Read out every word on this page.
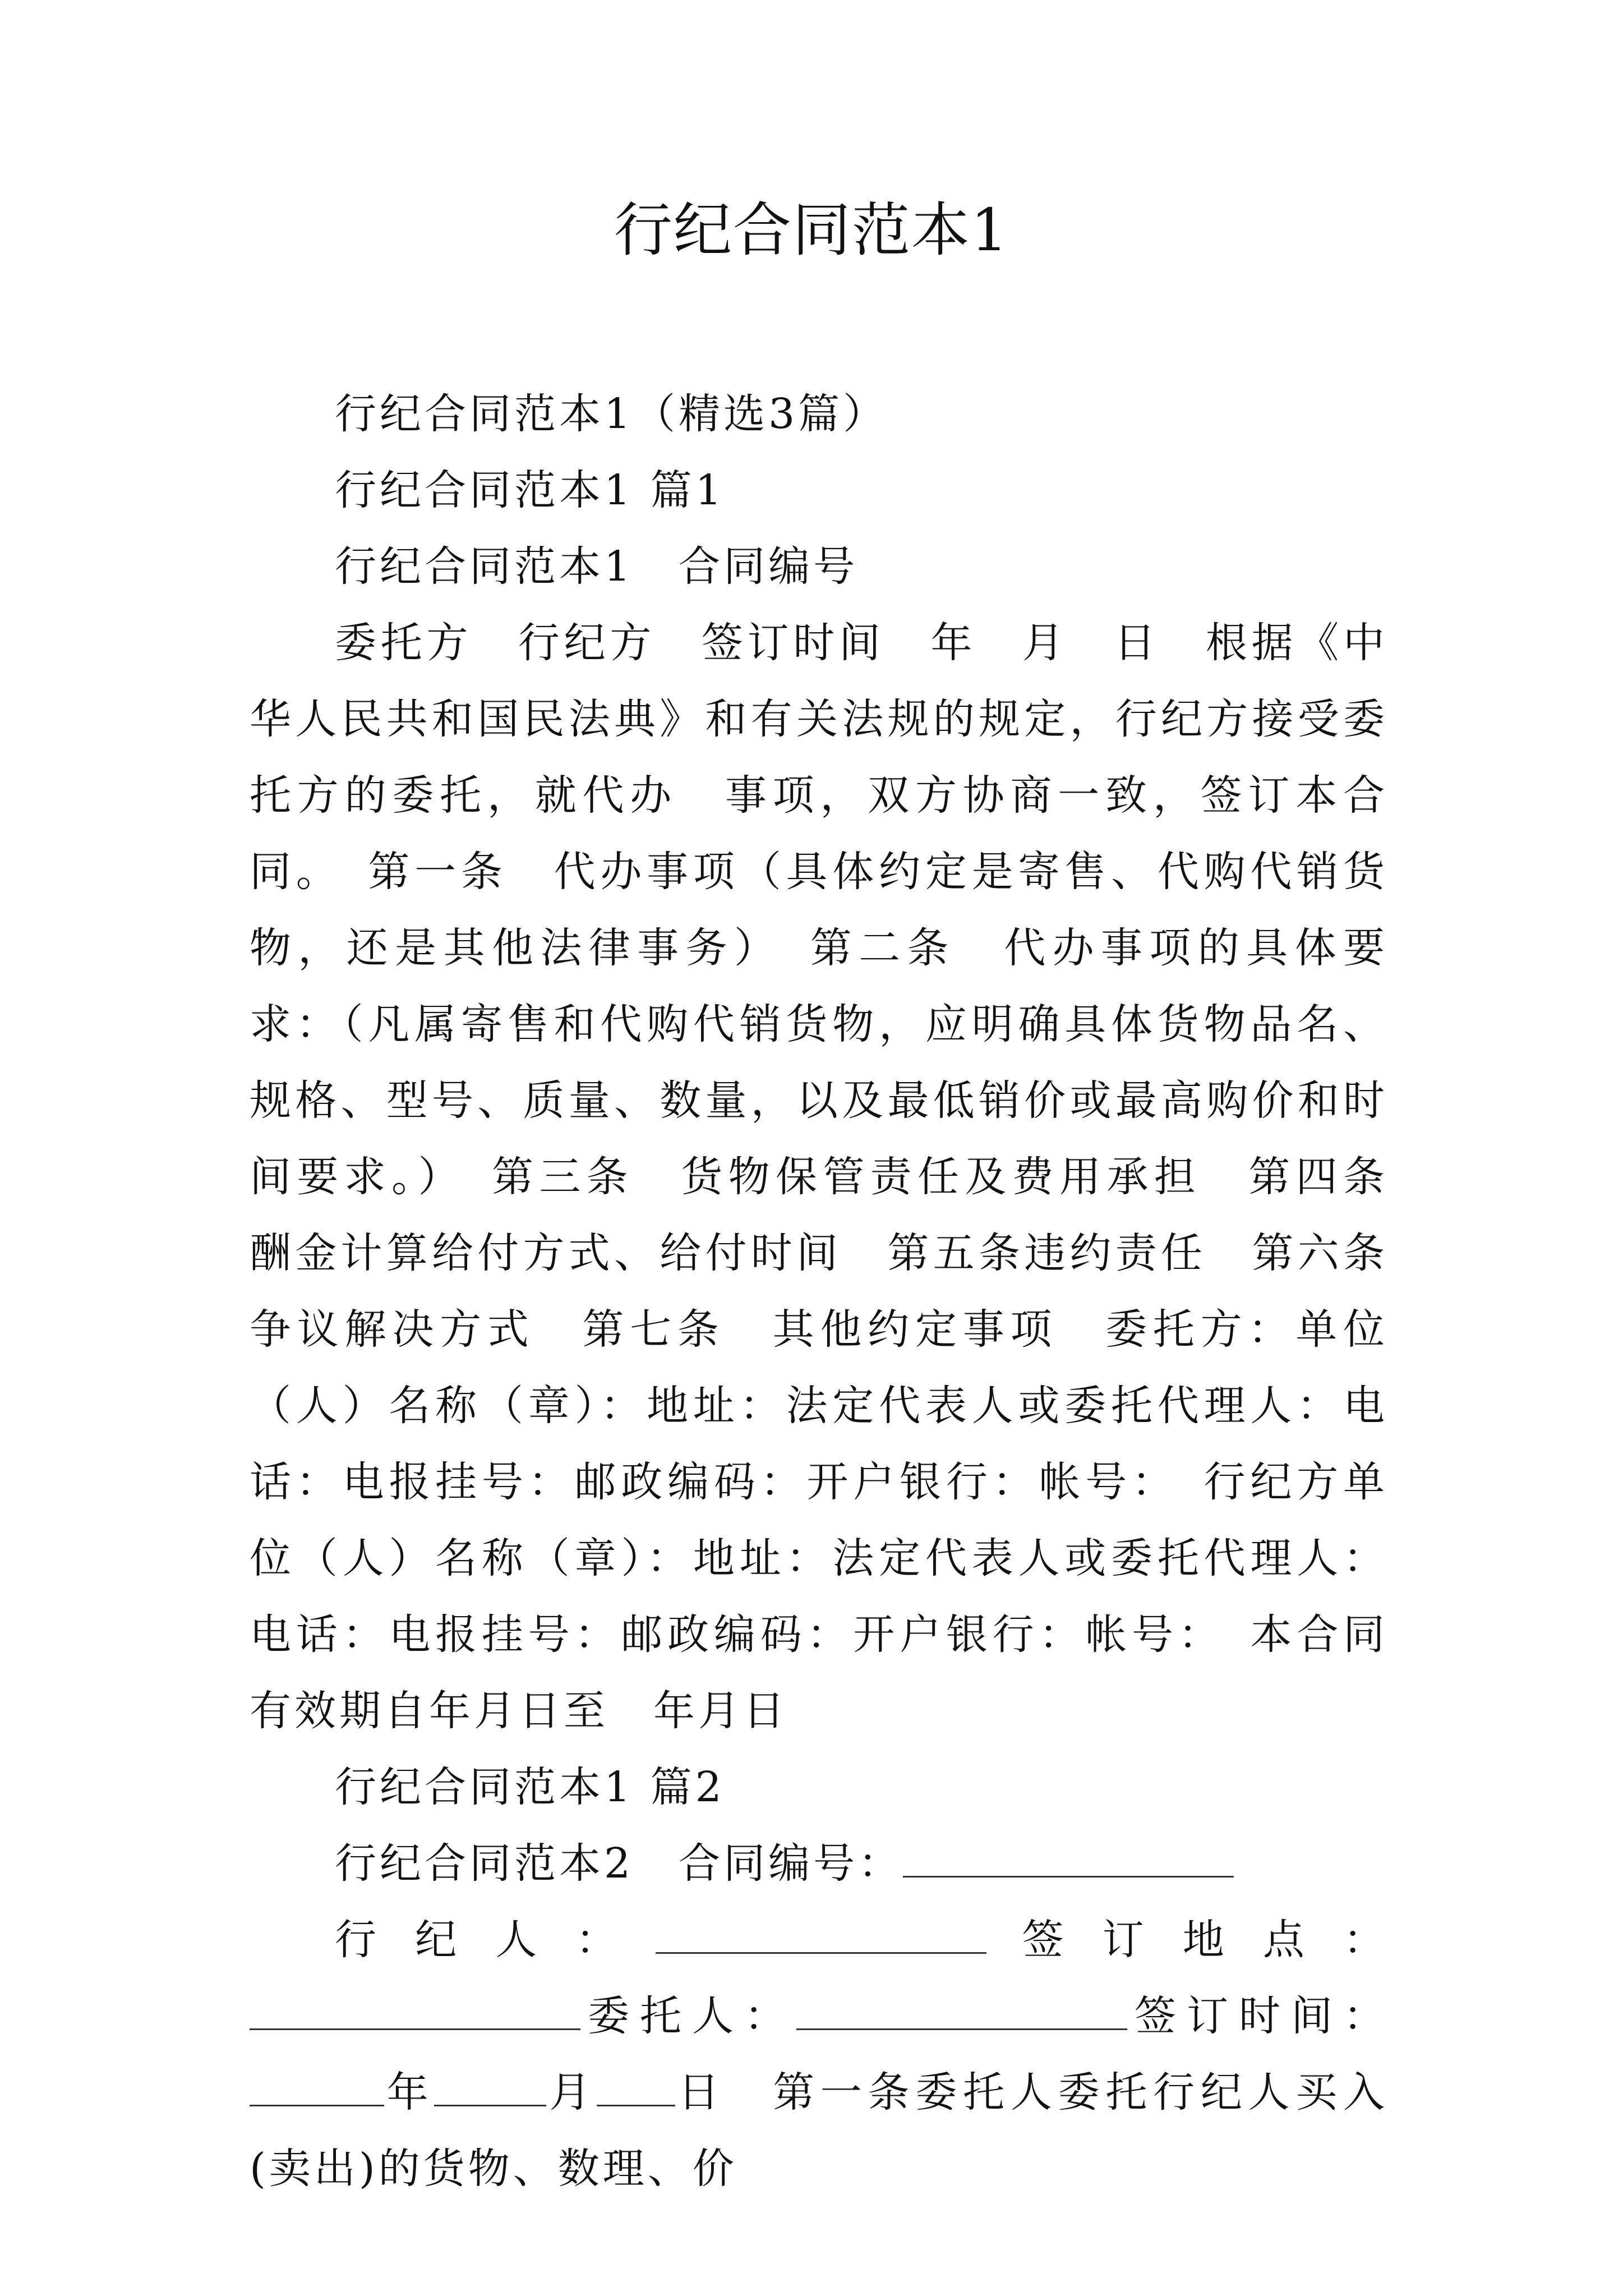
行纪合同范本1

行纪合同范本1（精选3篇）

行纪合同范本1 篇1

行纪合同范本1　合同编号

委托方　行纪方　签订时间　年　月　日　根据《中华人民共和国民法典》和有关法规的规定，行纪方接受委托方的委托，就代办　事项，双方协商一致，签订本合同。　第一条　代办事项（具体约定是寄售、代购代销货物，还是其他法律事务）　第二条　代办事项的具体要求：（凡属寄售和代购代销货物，应明确具体货物品名、规格、型号、质量、数量，以及最低销价或最高购价和时间要求。）　第三条　货物保管责任及费用承担　第四条　酬金计算给付方式、给付时间　第五条违约责任　第六条　争议解决方式　第七条　其他约定事项　委托方：单位（人）名称（章）：地址：法定代表人或委托代理人：电话：电报挂号：邮政编码：开户银行：帐号：　行纪方单位（人）名称（章）：地址：法定代表人或委托代理人：电话：电报挂号：邮政编码：开户银行：帐号：　本合同有效期自年月日至　年月日

行纪合同范本1 篇2

行纪合同范本2　合同编号：

行纪人：	签订地点：委托人：	签订时间：年	月 日　第一条委托人委托行纪人买入(卖出)的货物、数理、价
